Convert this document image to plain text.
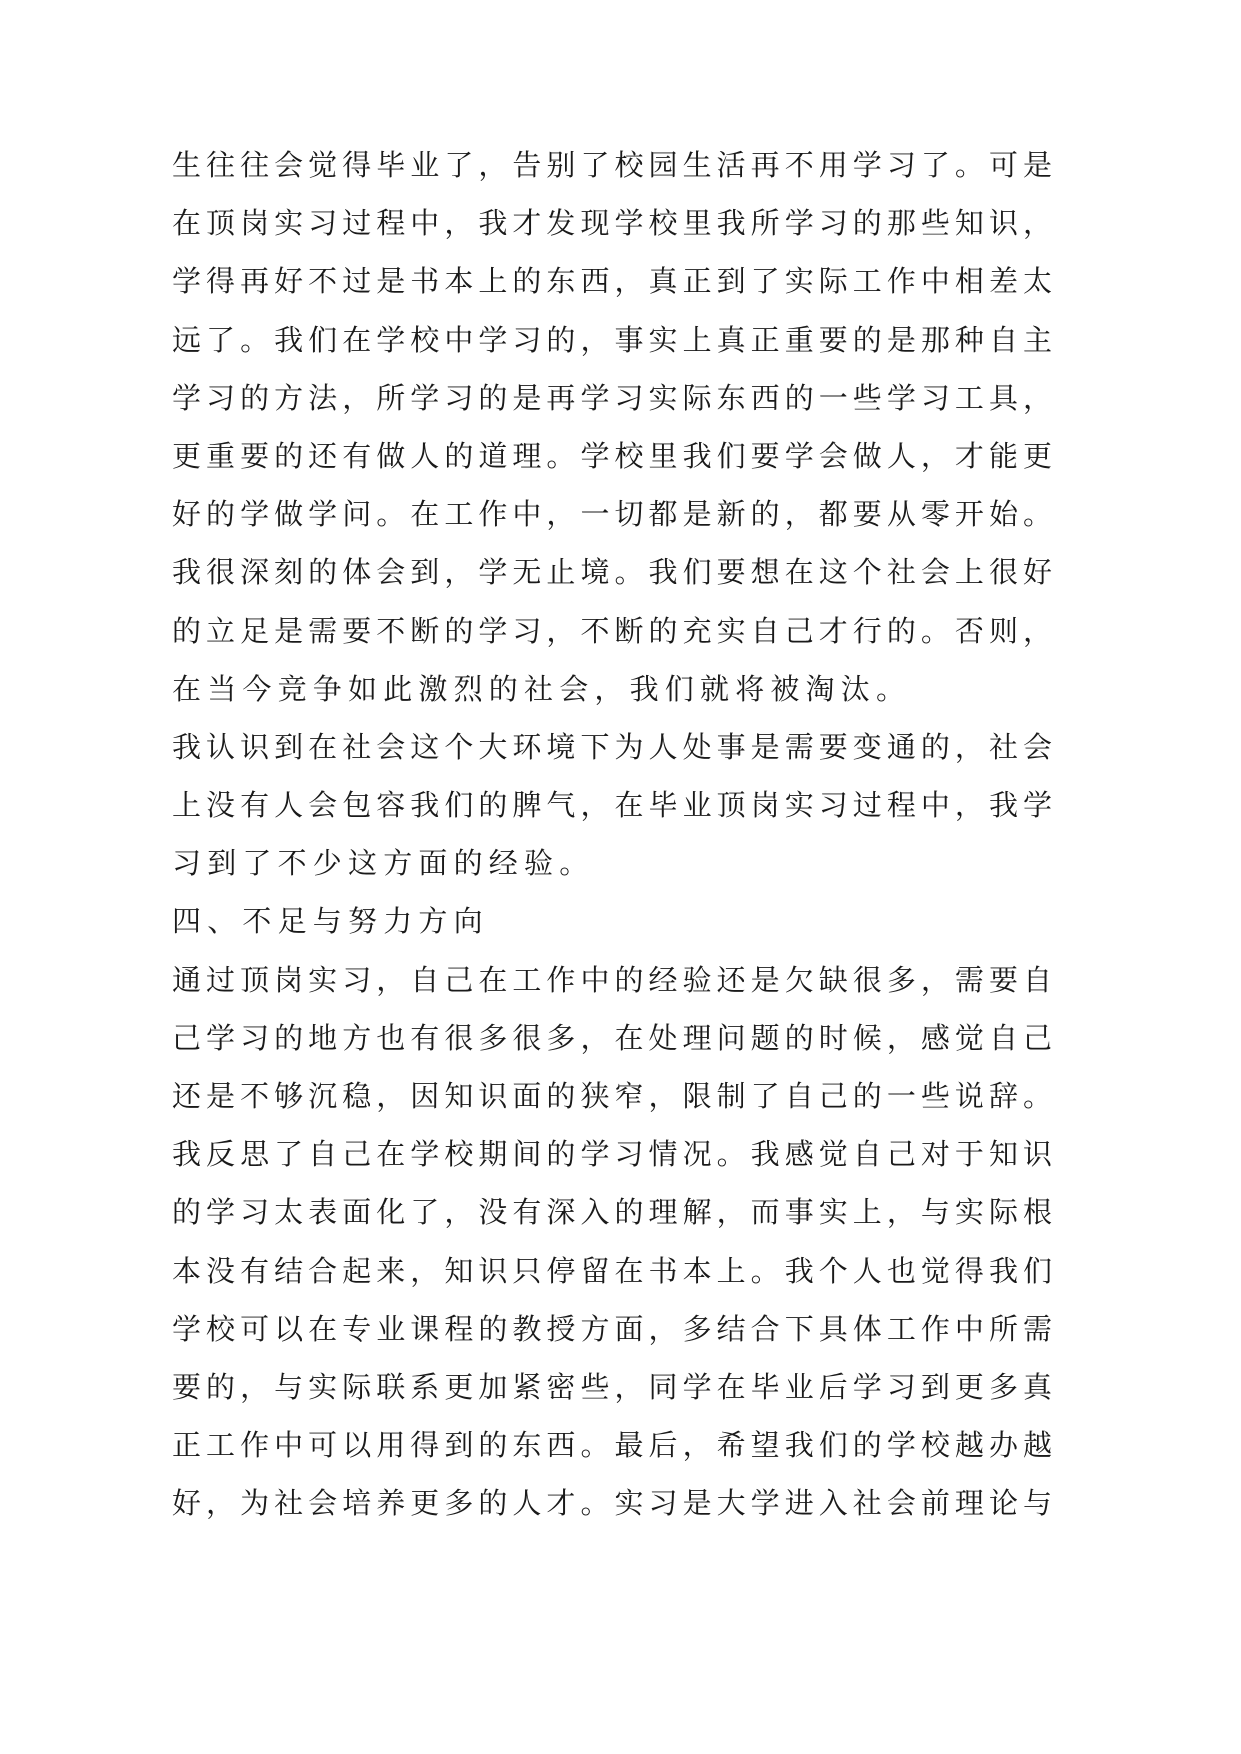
生往往会觉得毕业了，告别了校园生活再不用学习了。可是
在顶岗实习过程中，我才发现学校里我所学习的那些知识，
学得再好不过是书本上的东西，真正到了实际工作中相差太
远了。我们在学校中学习的，事实上真正重要的是那种自主
学习的方法，所学习的是再学习实际东西的一些学习工具，
更重要的还有做人的道理。学校里我们要学会做人，才能更
好的学做学问。在工作中，一切都是新的，都要从零开始。
我很深刻的体会到，学无止境。我们要想在这个社会上很好
的立足是需要不断的学习，不断的充实自己才行的。否则，
在当今竞争如此激烈的社会，我们就将被淘汰。
我认识到在社会这个大环境下为人处事是需要变通的，社会
上没有人会包容我们的脾气，在毕业顶岗实习过程中，我学
习到了不少这方面的经验。
四、不足与努力方向
通过顶岗实习，自己在工作中的经验还是欠缺很多，需要自
己学习的地方也有很多很多，在处理问题的时候，感觉自己
还是不够沉稳，因知识面的狭窄，限制了自己的一些说辞。
我反思了自己在学校期间的学习情况。我感觉自己对于知识
的学习太表面化了，没有深入的理解，而事实上，与实际根
本没有结合起来，知识只停留在书本上。我个人也觉得我们
学校可以在专业课程的教授方面，多结合下具体工作中所需
要的，与实际联系更加紧密些，同学在毕业后学习到更多真
正工作中可以用得到的东西。最后，希望我们的学校越办越
好，为社会培养更多的人才。实习是大学进入社会前理论与
